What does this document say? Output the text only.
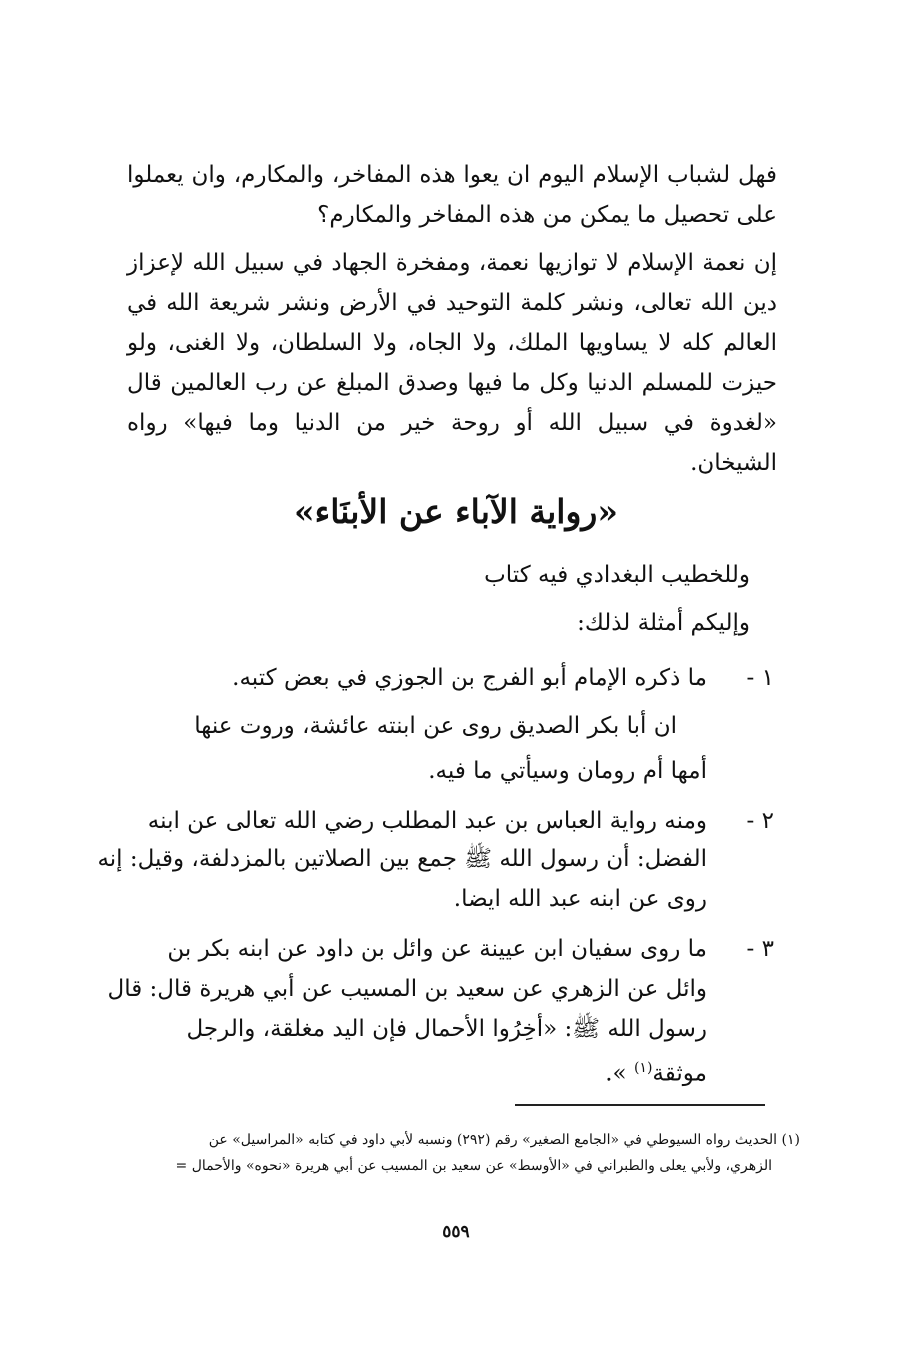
فهل لشباب الإسلام اليوم ان يعوا هذه المفاخر، والمكارم، وان يعملوا على تحصيل ما يمكن من هذه المفاخر والمكارم؟
إن نعمة الإسلام لا توازيها نعمة، ومفخرة الجهاد في سبيل الله لإعزاز دين الله تعالى، ونشر كلمة التوحيد في الأرض ونشر شريعة الله في العالم كله لا يساويها الملك، ولا الجاه، ولا السلطان، ولا الغنى، ولو حيزت للمسلم الدنيا وكل ما فيها وصدق المبلغ عن رب العالمين قال «لغدوة في سبيل الله أو روحة خير من الدنيا وما فيها» رواه الشيخان.
«رواية الآباء عن الأبنَاء»
وللخطيب البغدادي فيه كتاب
وإليكم أمثلة لذلك:
١ -
ما ذكره الإمام أبو الفرج بن الجوزي في بعض كتبه.
ان أبا بكر الصديق روى عن ابنته عائشة، وروت عنها
أمها أم رومان وسيأتي ما فيه.
٢ -
ومنه رواية العباس بن عبد المطلب رضي الله تعالى عن ابنه
الفضل: أن رسول الله ﷺ جمع بين الصلاتين بالمزدلفة، وقيل: إنه
روى عن ابنه عبد الله ايضا.
٣ -
ما روى سفيان ابن عيينة عن وائل بن داود عن ابنه بكر بن
وائل عن الزهري عن سعيد بن المسيب عن أبي هريرة قال: قال
رسول الله ﷺ: «أخِرُوا الأحمال فإن اليد مغلقة، والرجل
موثقة$^{(١)}$ ».
(١) الحديث رواه السيوطي في «الجامع الصغير» رقم (٢٩٢) ونسبه لأبي داود في كتابه «المراسيل» عن
الزهري، ولأبي يعلى والطبراني في «الأوسط» عن سعيد بن المسيب عن أبي هريرة «نحوه» والأحمال =
٥٥٩
